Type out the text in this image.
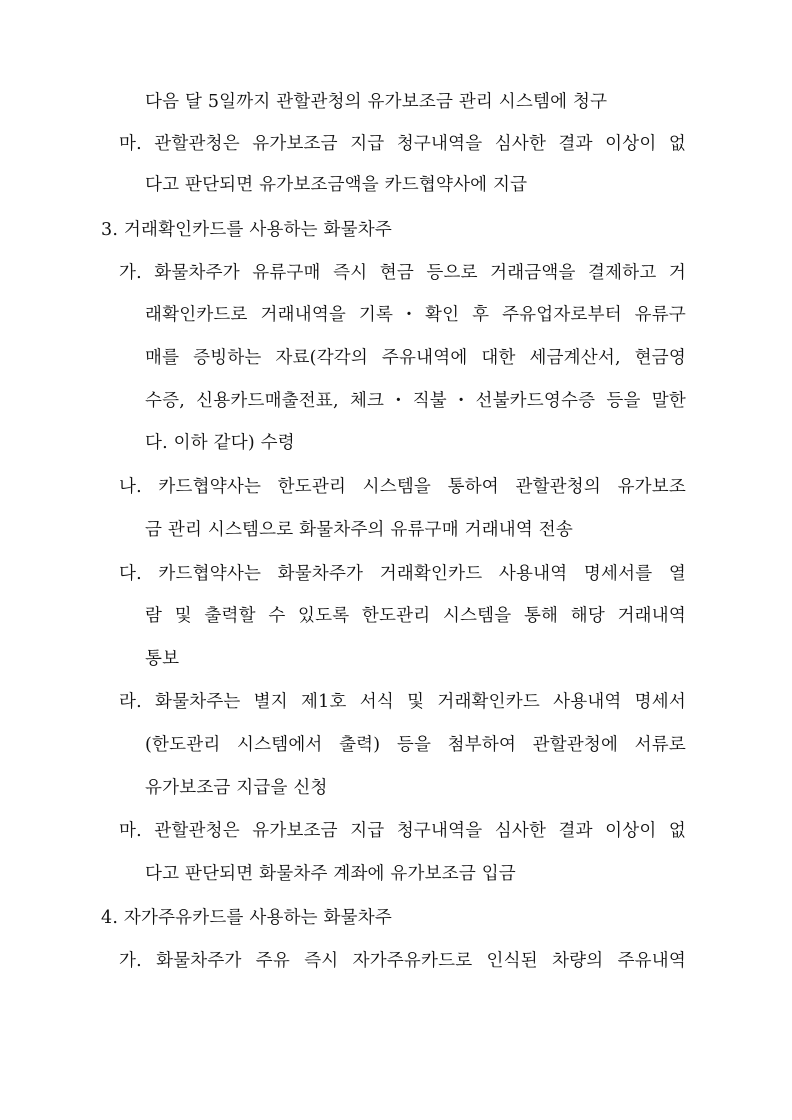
다음 달 5일까지 관할관청의 유가보조금 관리 시스템에 청구
마. 관할관청은 유가보조금 지급 청구내역을 심사한 결과 이상이 없
다고 판단되면 유가보조금액을 카드협약사에 지급
3. 거래확인카드를 사용하는 화물차주
가. 화물차주가 유류구매 즉시 현금 등으로 거래금액을 결제하고 거
래확인카드로 거래내역을 기록・확인 후 주유업자로부터 유류구
매를 증빙하는 자료(각각의 주유내역에 대한 세금계산서, 현금영
수증, 신용카드매출전표, 체크・직불・선불카드영수증 등을 말한
다. 이하 같다) 수령
나. 카드협약사는 한도관리 시스템을 통하여 관할관청의 유가보조
금 관리 시스템으로 화물차주의 유류구매 거래내역 전송
다. 카드협약사는 화물차주가 거래확인카드 사용내역 명세서를 열
람 및 출력할 수 있도록 한도관리 시스템을 통해 해당 거래내역
통보
라. 화물차주는 별지 제1호 서식 및 거래확인카드 사용내역 명세서
(한도관리 시스템에서 출력) 등을 첨부하여 관할관청에 서류로
유가보조금 지급을 신청
마. 관할관청은 유가보조금 지급 청구내역을 심사한 결과 이상이 없
다고 판단되면 화물차주 계좌에 유가보조금 입금
4. 자가주유카드를 사용하는 화물차주
가. 화물차주가 주유 즉시 자가주유카드로 인식된 차량의 주유내역
